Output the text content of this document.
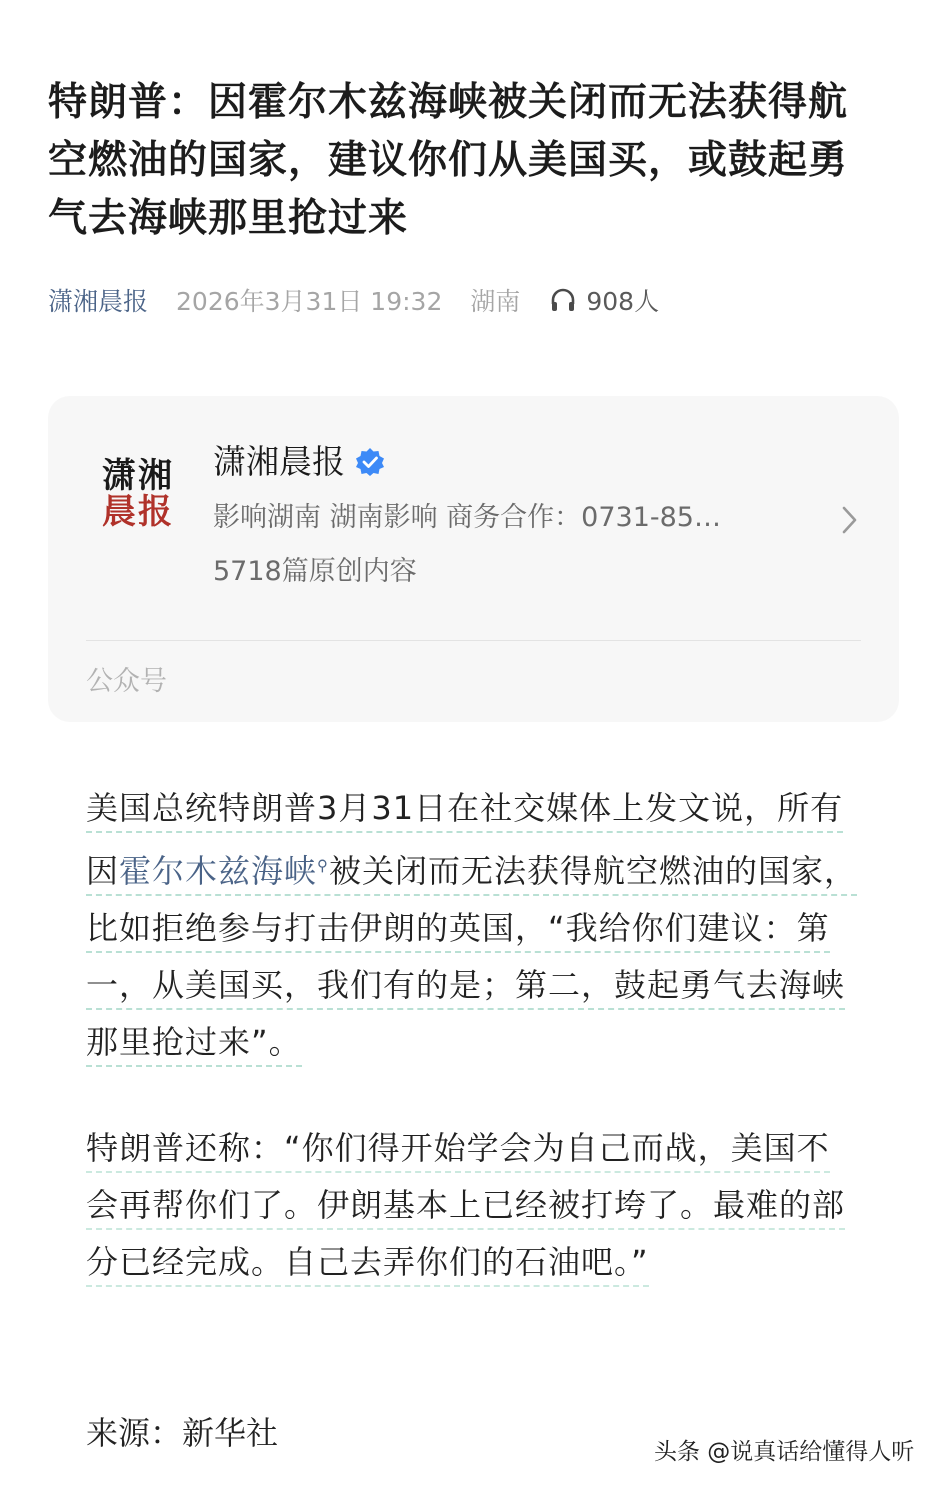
特朗普：因霍尔木兹海峡被关闭而无法获得航空燃油的国家，建议你们从美国买，或鼓起勇气去海峡那里抢过来
潇湘晨报 2026年3月31日 19:32 湖南	908人
潇湘
晨报
潇湘晨报
影响湖南 湖南影响 商务合作：0731-85…
5718篇原创内容
公众号

美国总统特朗普3月31日在社交媒体上发文说，所有因霍尔木兹海峡⚲被关闭而无法获得航空燃油的国家，比如拒绝参与打击伊朗的英国，“我给你们建议：第一，从美国买，我们有的是；第二，鼓起勇气去海峡那里抢过来”。

特朗普还称：“你们得开始学会为自己而战，美国不会再帮你们了。伊朗基本上已经被打垮了。最难的部分已经完成。自己去弄你们的石油吧。”

来源：新华社	头条 @说真话给懂得人听
